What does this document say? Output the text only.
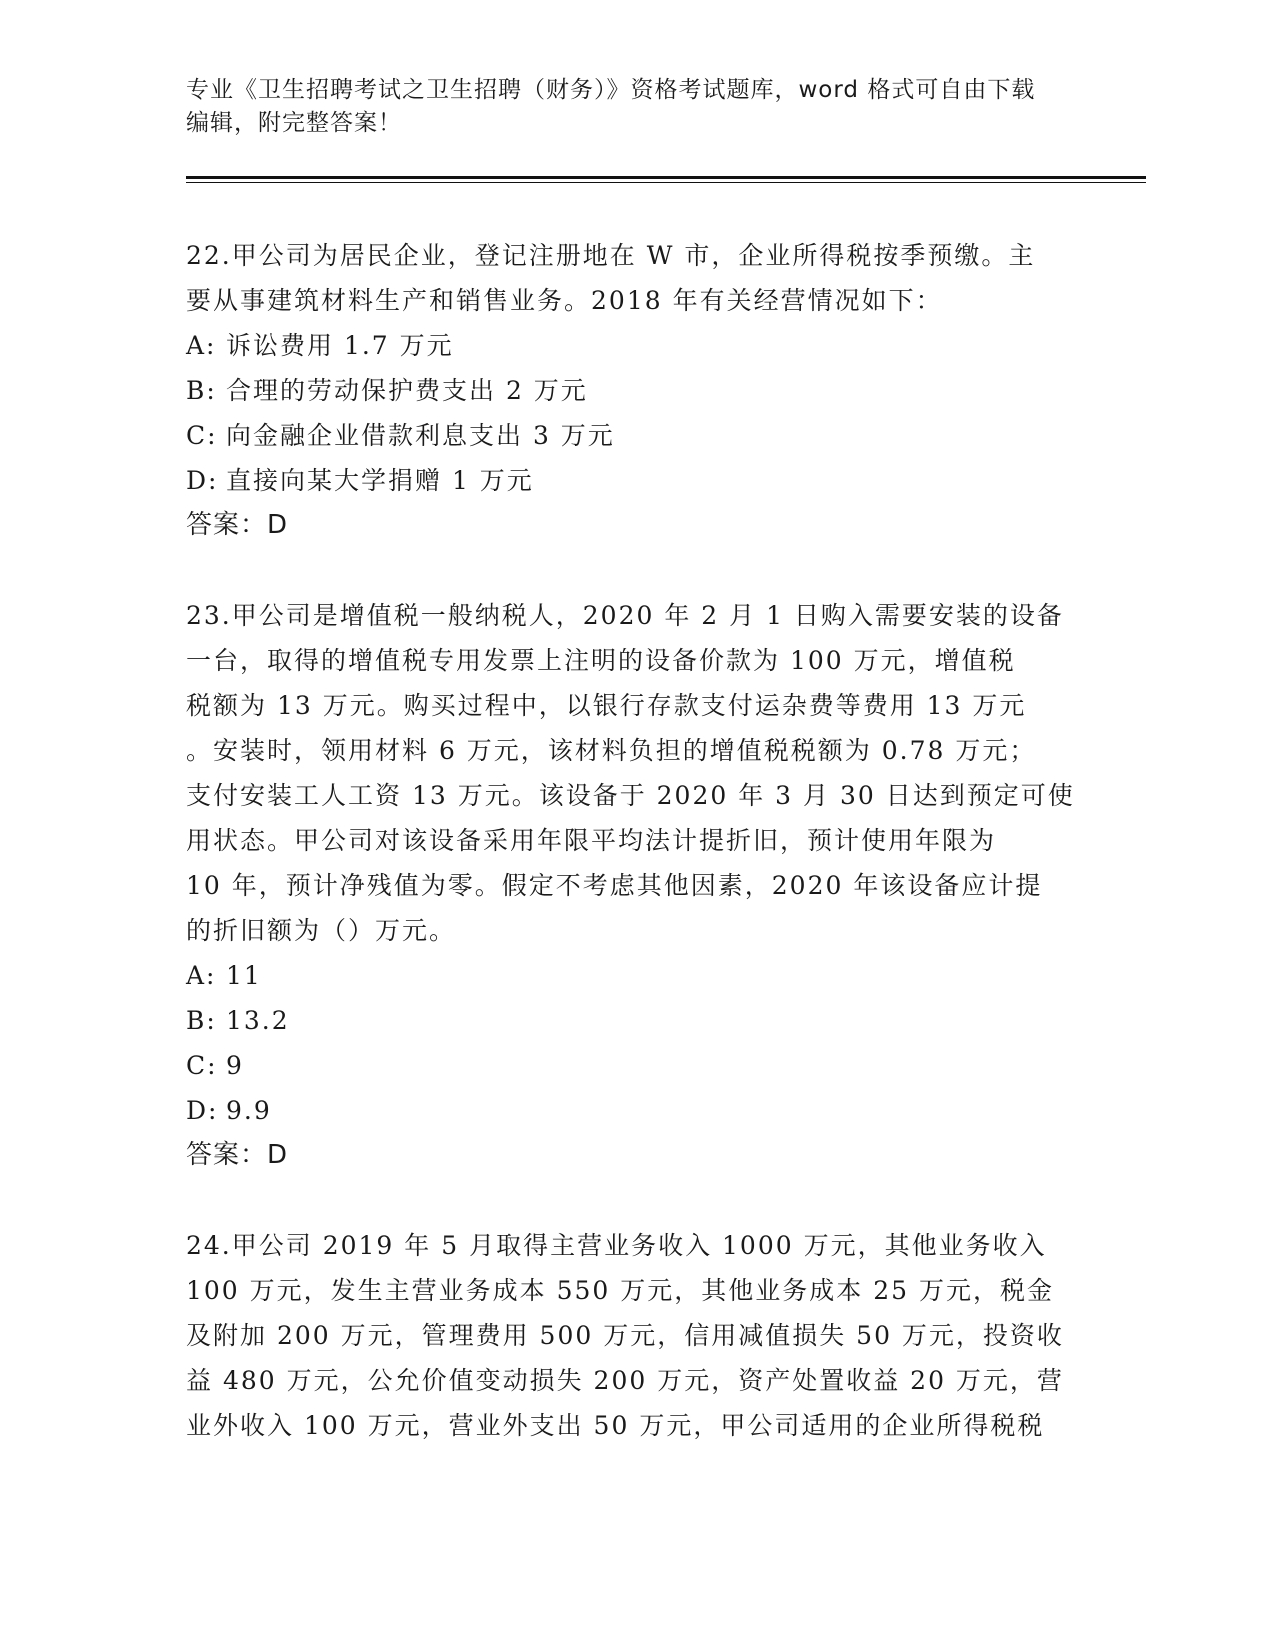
专业《卫生招聘考试之卫生招聘（财务）》资格考试题库，word 格式可自由下载
编辑，附完整答案！

22.甲公司为居民企业，登记注册地在 W 市，企业所得税按季预缴。主

要从事建筑材料生产和销售业务。2018 年有关经营情况如下：

A: 诉讼费用 1.7 万元
B: 合理的劳动保护费支出 2 万元
C: 向金融企业借款利息支出 3 万元
D: 直接向某大学捐赠 1 万元

答案：D

23.甲公司是增值税一般纳税人，2020 年 2 月 1 日购入需要安装的设备

一台，取得的增值税专用发票上注明的设备价款为 100 万元，增值税

税额为 13 万元。购买过程中，以银行存款支付运杂费等费用 13 万元

。安装时，领用材料 6 万元，该材料负担的增值税税额为 0.78 万元；

支付安装工人工资 13 万元。该设备于 2020 年 3 月 30 日达到预定可使

用状态。甲公司对该设备采用年限平均法计提折旧，预计使用年限为

10 年，预计净残值为零。假定不考虑其他因素，2020 年该设备应计提

的折旧额为（）万元。

A: 11
B: 13.2
C: 9
D: 9.9

答案：D

24.甲公司 2019 年 5 月取得主营业务收入 1000 万元，其他业务收入

100 万元，发生主营业务成本 550 万元，其他业务成本 25 万元，税金

及附加 200 万元，管理费用 500 万元，信用减值损失 50 万元，投资收

益 480 万元，公允价值变动损失 200 万元，资产处置收益 20 万元，营

业外收入 100 万元，营业外支出 50 万元，甲公司适用的企业所得税税
